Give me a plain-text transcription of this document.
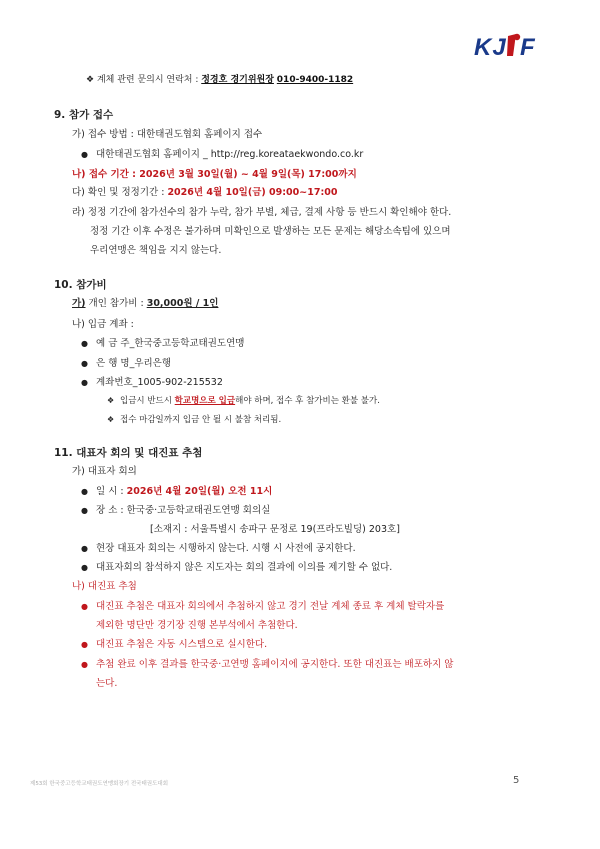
KJ F
❖ 계체 관련 문의시 연락처 : 정경호 경기위원장 010-9400-1182
9. 참가 접수
가) 접수 방법 : 대한태권도협회 홈페이지 접수
● 대한태권도협회 홈페이지 _ http://reg.koreataekwondo.co.kr
나) 접수 기간 : 2026년 3월 30일(월) ~ 4월 9일(목) 17:00까지
다) 확인 및 정정기간 : 2026년 4월 10일(금) 09:00~17:00
라) 정정 기간에 참가선수의 참가 누락, 참가 부별, 체급, 결제 사항 등 반드시 확인해야 한다.
정정 기간 이후 수정은 불가하며 미확인으로 발생하는 모든 문제는 해당소속팀에 있으며
우리연맹은 책임을 지지 않는다.
10. 참가비
가) 개인 참가비 : 30,000원 / 1인
나) 입금 계좌 :
● 예 금 주_한국중고등학교태권도연맹
● 은 행 명_우리은행
● 계좌번호_1005-902-215532
❖ 입금시 반드시 학교명으로 입금해야 하며, 접수 후 참가비는 환불 불가.
❖ 접수 마감일까지 입금 안 될 시 불참 처리됨.
11. 대표자 회의 및 대진표 추첨
가) 대표자 회의
● 일 시 : 2026년 4월 20일(월) 오전 11시
● 장 소 : 한국중·고등학교태권도연맹 회의실
[소재지 : 서울특별시 송파구 문정로 19(프라도빌딩) 203호]
● 현장 대표자 회의는 시행하지 않는다. 시행 시 사전에 공지한다.
● 대표자회의 참석하지 않은 지도자는 회의 결과에 이의를 제기할 수 없다.
나) 대진표 추첨
● 대진표 추첨은 대표자 회의에서 추첨하지 않고 경기 전날 계체 종료 후 계체 탈락자를
제외한 명단만 경기장 진행 본부석에서 추첨한다.
● 대진표 추첨은 자동 시스템으로 실시한다.
● 추첨 완료 이후 결과를 한국중·고연맹 홈페이지에 공지한다. 또한 대진표는 배포하지 않
는다.
제53회 한국중고등학교태권도연맹회장기 전국태권도대회	5
